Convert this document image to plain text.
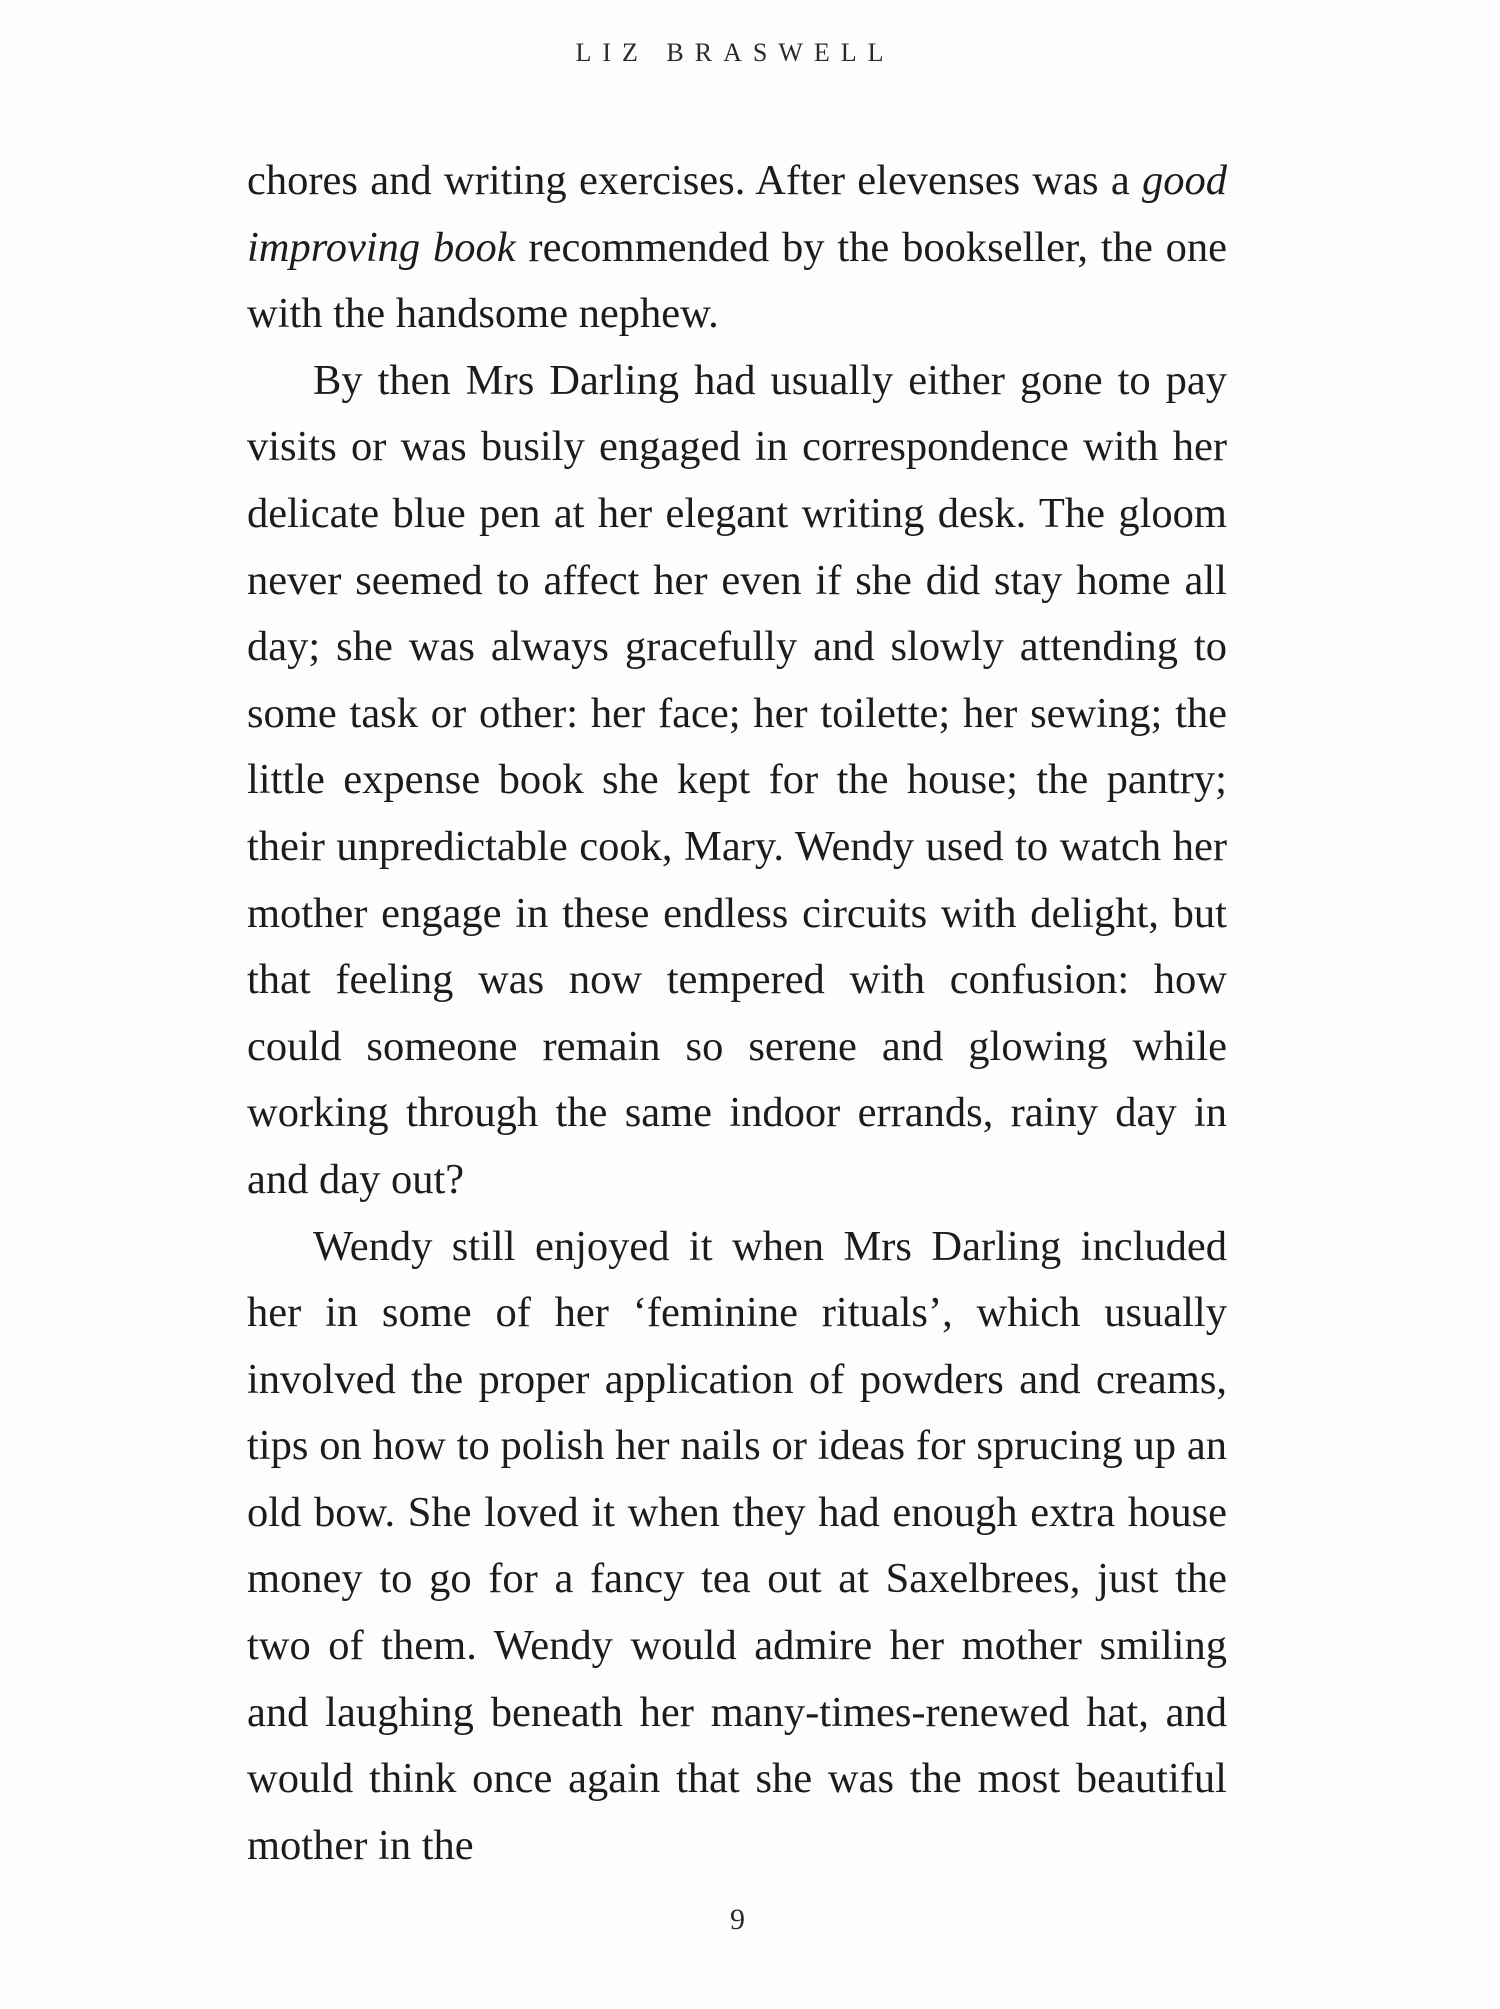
LIZ BRASWELL

chores and writing exercises. After elevenses was a good improving book recommended by the bookseller, the one with the handsome nephew.

By then Mrs Darling had usually either gone to pay visits or was busily engaged in correspondence with her delicate blue pen at her elegant writing desk. The gloom never seemed to affect her even if she did stay home all day; she was always gracefully and slowly attending to some task or other: her face; her toilette; her sewing; the little expense book she kept for the house; the pantry; their unpredictable cook, Mary. Wendy used to watch her mother engage in these endless circuits with delight, but that feeling was now tempered with confusion: how could someone remain so serene and glowing while working through the same indoor errands, rainy day in and day out?

Wendy still enjoyed it when Mrs Darling included her in some of her ‘feminine rituals’, which usually involved the proper application of powders and creams, tips on how to polish her nails or ideas for sprucing up an old bow. She loved it when they had enough extra house money to go for a fancy tea out at Saxelbrees, just the two of them. Wendy would admire her mother smiling and laughing beneath her many-times-renewed hat, and would think once again that she was the most beautiful mother in the

9
